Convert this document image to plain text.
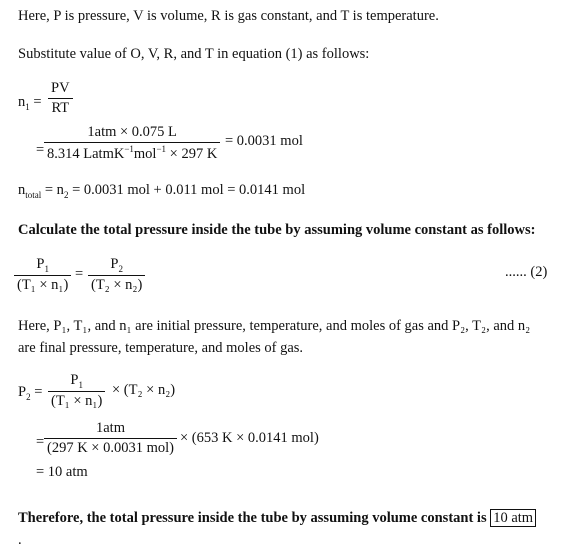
Here, P is pressure, V is volume, R is gas constant, and T is temperature.
Substitute value of O, V, R, and T in equation (1) as follows:
$n_1 = \frac{PV}{RT}$
=
1atm × 0.075 L
8.314 LatmK$^{-1}$mol$^{-1}$ × 297 K
= 0.0031 mol
$n_{total} = n_2 = 0.0031$ mol + 0.011 mol = 0.0141 mol
Calculate the total pressure inside the tube by assuming volume constant as follows:
$\frac{P_1}{\text{(T₁ × n₁)}} = \frac{P_2}{\text{(T₂ × n₂)}}$	...... (2)
Here, P₁, T₁, and n₁ are initial pressure, temperature, and moles of gas and P₂, T₂, and n₂
are final pressure, temperature, and moles of gas.
$P_2 = \frac{P_1}{\text{(T₁ × n₁)}} \times (T_2 \times n_2)$
=
1atm
(297 K × 0.0031 mol)
× (653 K × 0.0141 mol)
= 10 atm
Therefore, the total pressure inside the tube by assuming volume constant is 10 atm
.
